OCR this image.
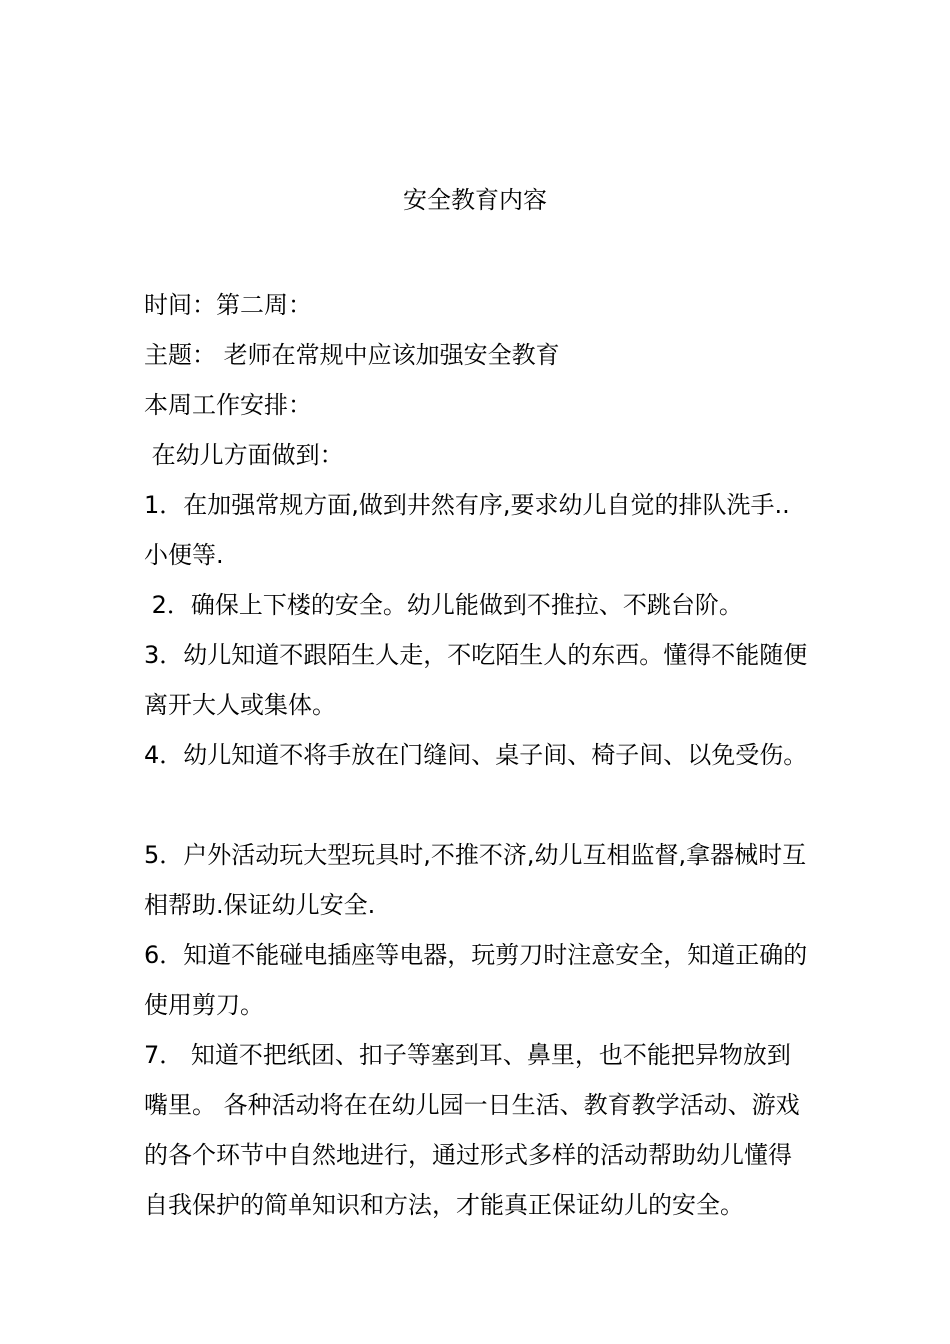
安全教育内容
时间：第二周：
主题： 老师在常规中应该加强安全教育
本周工作安排：
在幼儿方面做到：
1．在加强常规方面,做到井然有序,要求幼儿自觉的排队洗手..小便等.
2．确保上下楼的安全。幼儿能做到不推拉、不跳台阶。
3．幼儿知道不跟陌生人走，不吃陌生人的东西。懂得不能随便离开大人或集体。
4．幼儿知道不将手放在门缝间、桌子间、椅子间、以免受伤。
5．户外活动玩大型玩具时,不推不济,幼儿互相监督,拿器械时互相帮助.保证幼儿安全.
6．知道不能碰电插座等电器，玩剪刀时注意安全，知道正确的使用剪刀。
7． 知道不把纸团、扣子等塞到耳、鼻里，也不能把异物放到嘴里。 各种活动将在在幼儿园一日生活、教育教学活动、游戏的各个环节中自然地进行，通过形式多样的活动帮助幼儿懂得自我保护的简单知识和方法，才能真正保证幼儿的安全。
